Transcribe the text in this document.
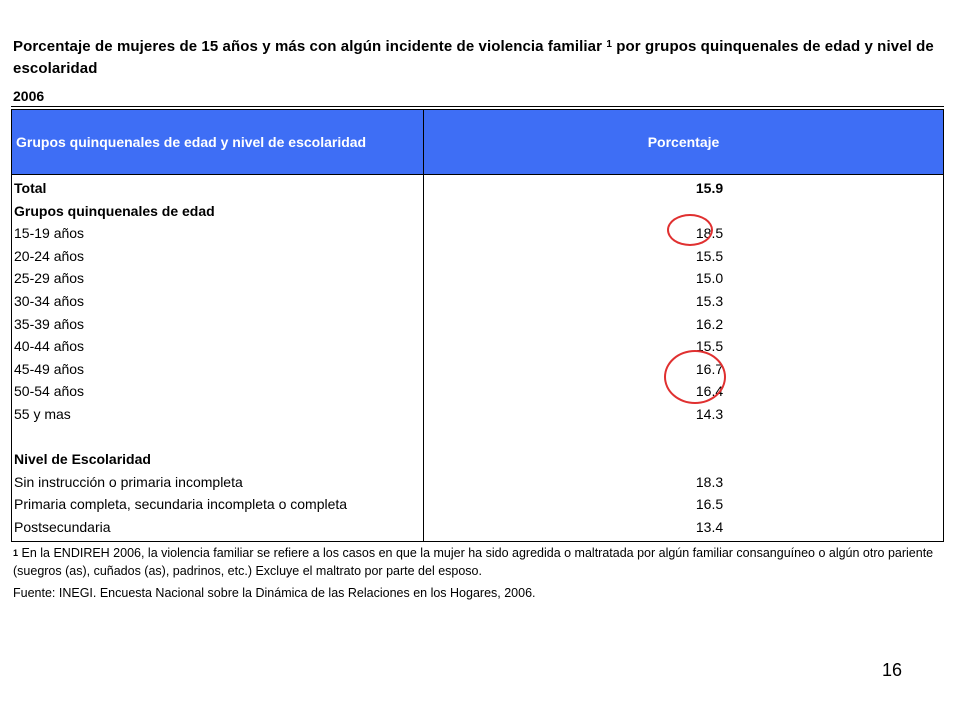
Porcentaje de mujeres de 15 años y más con algún incidente de violencia familiar $^1$ por grupos quinquenales de edad y nivel de escolaridad
2006
Grupos quinquenales de edad y nivel de escolaridad	Porcentaje
Total
Grupos quinquenales de edad
15-19 años
20-24 años
25-29 años
30-34 años
35-39 años
40-44 años
45-49 años
50-54 años
55 y mas
Nivel de Escolaridad
Sin instrucción o primaria incompleta
Primaria completa, secundaria incompleta o completa
Postsecundaria
15.9
18.5
15.5
15.0
15.3
16.2
15.5
16.7
16.4
14.3
18.3
16.5
13.4
$^1$ En la ENDIREH 2006, la violencia familiar se refiere a los casos en que la mujer ha sido agredida o maltratada por algún familiar consanguíneo o algún otro pariente (suegros (as), cuñados (as), padrinos, etc.) Excluye el maltrato por parte del esposo.
Fuente: INEGI. Encuesta Nacional sobre la Dinámica de las Relaciones en los Hogares, 2006.
16
